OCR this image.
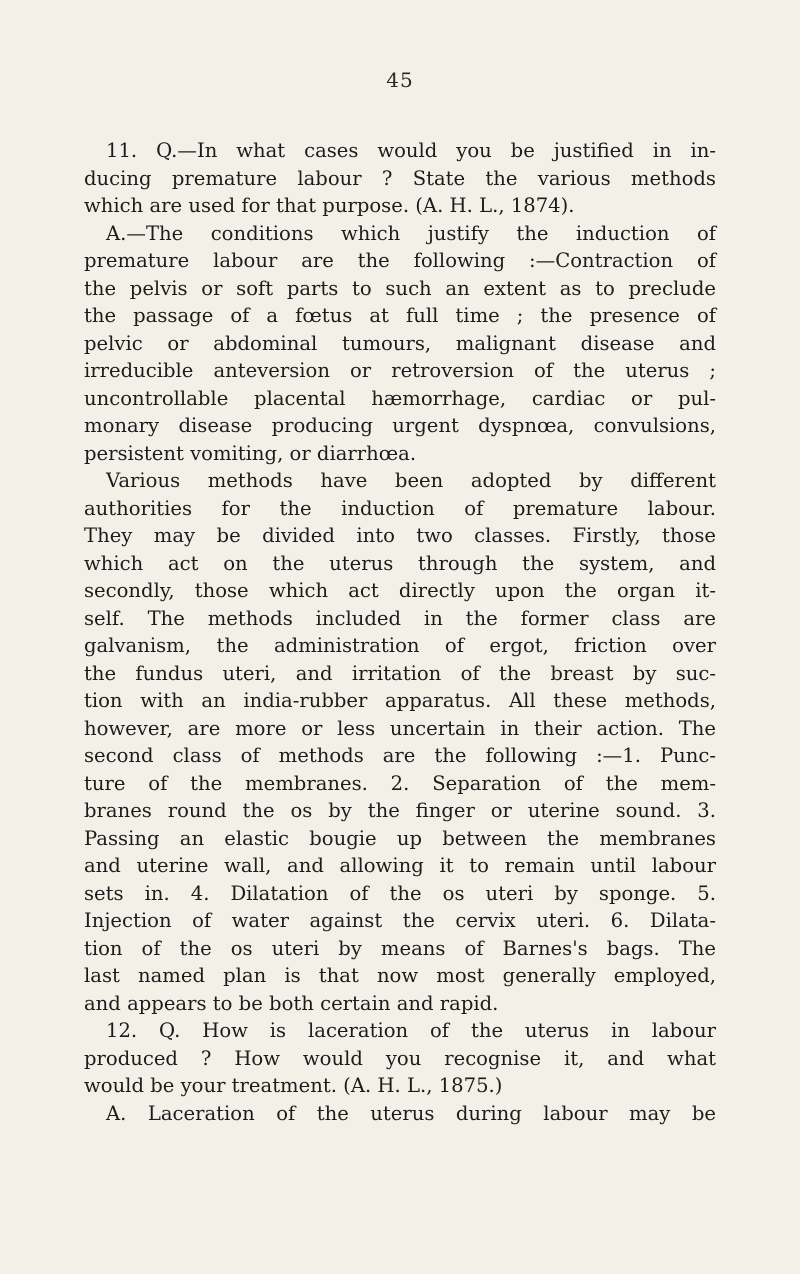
45
11. Q.—In what cases would you be justified in in-
ducing premature labour ? State the various methods
which are used for that purpose. (A. H. L., 1874).
A.—The conditions which justify the induction of
premature labour are the following :—Contraction of
the pelvis or soft parts to such an extent as to preclude
the passage of a fœtus at full time ; the presence of
pelvic or abdominal tumours, malignant disease and
irreducible anteversion or retroversion of the uterus ;
uncontrollable placental hæmorrhage, cardiac or pul-
monary disease producing urgent dyspnœa, convulsions,
persistent vomiting, or diarrhœa.
Various methods have been adopted by different
authorities for the induction of premature labour.
They may be divided into two classes. Firstly, those
which act on the uterus through the system, and
secondly, those which act directly upon the organ it-
self. The methods included in the former class are
galvanism, the administration of ergot, friction over
the fundus uteri, and irritation of the breast by suc-
tion with an india-rubber apparatus. All these methods,
however, are more or less uncertain in their action. The
second class of methods are the following :—1. Punc-
ture of the membranes. 2. Separation of the mem-
branes round the os by the finger or uterine sound. 3.
Passing an elastic bougie up between the membranes
and uterine wall, and allowing it to remain until labour
sets in. 4. Dilatation of the os uteri by sponge. 5.
Injection of water against the cervix uteri. 6. Dilata-
tion of the os uteri by means of Barnes's bags. The
last named plan is that now most generally employed,
and appears to be both certain and rapid.
12. Q. How is laceration of the uterus in labour
produced ? How would you recognise it, and what
would be your treatment. (A. H. L., 1875.)
A. Laceration of the uterus during labour may be
